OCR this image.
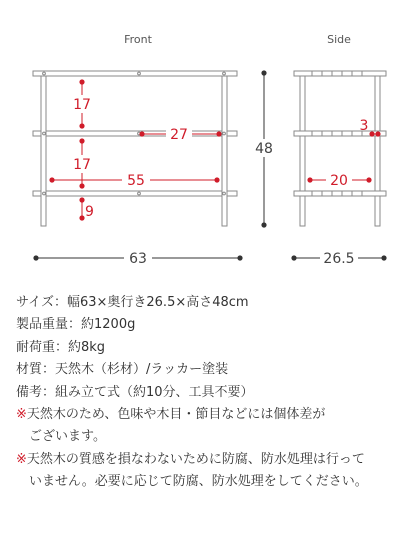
Front	Side
17
17
9
27
55
48
63
3
20
26.5
サイズ：幅63×奥行き26.5×高さ48cm
製品重量：約1200g
耐荷重：約8kg
材質：天然木（杉材）/ラッカー塗装
備考：組み立て式（約10分、工具不要）
※天然木のため、色味や木目・節目などには個体差が
ございます。
※天然木の質感を損なわないために防腐、防水処理は行って
いません。必要に応じて防腐、防水処理をしてください。
